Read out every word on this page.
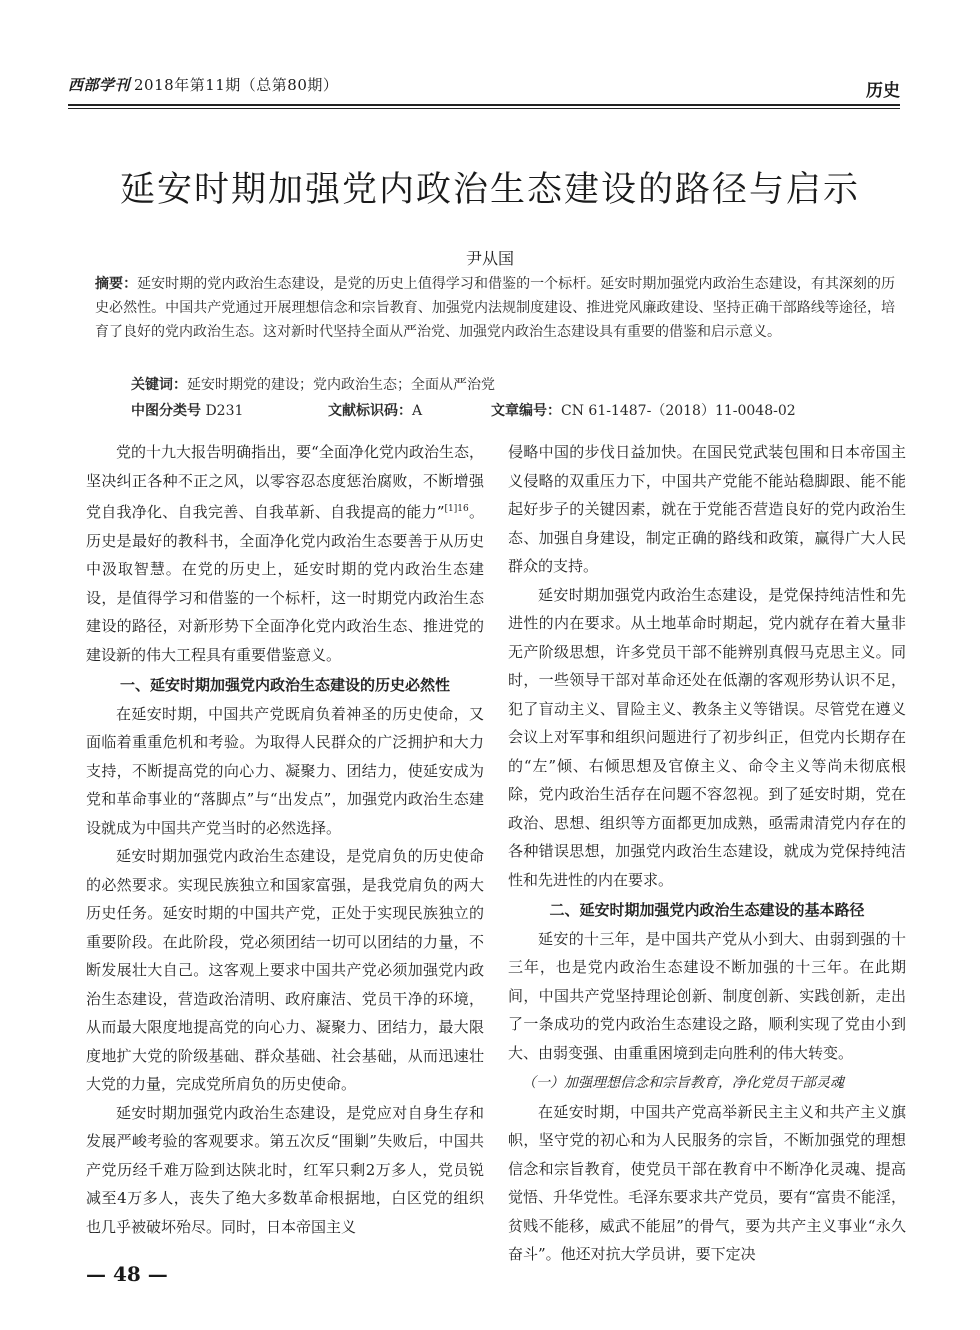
西部学刊 2018年第11期（总第80期）	历史
延安时期加强党内政治生态建设的路径与启示
尹从国
摘要：延安时期的党内政治生态建设，是党的历史上值得学习和借鉴的一个标杆。延安时期加强党内政治生态建设，有其深刻的历史必然性。中国共产党通过开展理想信念和宗旨教育、加强党内法规制度建设、推进党风廉政建设、坚持正确干部路线等途径，培育了良好的党内政治生态。这对新时代坚持全面从严治党、加强党内政治生态建设具有重要的借鉴和启示意义。
关键词：延安时期党的建设；党内政治生态；全面从严治党
中图分类号 D231	文献标识码：A	文章编号：CN 61-1487-（2018）11-0048-02

党的十九大报告明确指出，要“全面净化党内政治生态，坚决纠正各种不正之风，以零容忍态度惩治腐败，不断增强党自我净化、自我完善、自我革新、自我提高的能力”$^{[1]16}$。历史是最好的教科书，全面净化党内政治生态要善于从历史中汲取智慧。在党的历史上，延安时期的党内政治生态建设，是值得学习和借鉴的一个标杆，这一时期党内政治生态建设的路径，对新形势下全面净化党内政治生态、推进党的建设新的伟大工程具有重要借鉴意义。

一、延安时期加强党内政治生态建设的历史必然性

在延安时期，中国共产党既肩负着神圣的历史使命，又面临着重重危机和考验。为取得人民群众的广泛拥护和大力支持，不断提高党的向心力、凝聚力、团结力，使延安成为党和革命事业的“落脚点”与“出发点”，加强党内政治生态建设就成为中国共产党当时的必然选择。

延安时期加强党内政治生态建设，是党肩负的历史使命的必然要求。实现民族独立和国家富强，是我党肩负的两大历史任务。延安时期的中国共产党，正处于实现民族独立的重要阶段。在此阶段，党必须团结一切可以团结的力量，不断发展壮大自己。这客观上要求中国共产党必须加强党内政治生态建设，营造政治清明、政府廉洁、党员干净的环境，从而最大限度地提高党的向心力、凝聚力、团结力，最大限度地扩大党的阶级基础、群众基础、社会基础，从而迅速壮大党的力量，完成党所肩负的历史使命。

延安时期加强党内政治生态建设，是党应对自身生存和发展严峻考验的客观要求。第五次反“围剿”失败后，中国共产党历经千难万险到达陕北时，红军只剩2万多人，党员锐减至4万多人，丧失了绝大多数革命根据地，白区党的组织也几乎被破坏殆尽。同时，日本帝国主义

侵略中国的步伐日益加快。在国民党武装包围和日本帝国主义侵略的双重压力下，中国共产党能不能站稳脚跟、能不能起好步子的关键因素，就在于党能否营造良好的党内政治生态、加强自身建设，制定正确的路线和政策，赢得广大人民群众的支持。

延安时期加强党内政治生态建设，是党保持纯洁性和先进性的内在要求。从土地革命时期起，党内就存在着大量非无产阶级思想，许多党员干部不能辨别真假马克思主义。同时，一些领导干部对革命还处在低潮的客观形势认识不足，犯了盲动主义、冒险主义、教条主义等错误。尽管党在遵义会议上对军事和组织问题进行了初步纠正，但党内长期存在的“左”倾、右倾思想及官僚主义、命令主义等尚未彻底根除，党内政治生活存在问题不容忽视。到了延安时期，党在政治、思想、组织等方面都更加成熟，亟需肃清党内存在的各种错误思想，加强党内政治生态建设，就成为党保持纯洁性和先进性的内在要求。

二、延安时期加强党内政治生态建设的基本路径

延安的十三年，是中国共产党从小到大、由弱到强的十三年，也是党内政治生态建设不断加强的十三年。在此期间，中国共产党坚持理论创新、制度创新、实践创新，走出了一条成功的党内政治生态建设之路，顺利实现了党由小到大、由弱变强、由重重困境到走向胜利的伟大转变。

（一）加强理想信念和宗旨教育，净化党员干部灵魂

在延安时期，中国共产党高举新民主主义和共产主义旗帜，坚守党的初心和为人民服务的宗旨，不断加强党的理想信念和宗旨教育，使党员干部在教育中不断净化灵魂、提高觉悟、升华党性。毛泽东要求共产党员，要有“富贵不能淫，贫贱不能移，威武不能屈”的骨气，要为共产主义事业“永久奋斗”。他还对抗大学员讲，要下定决

— 48 —
